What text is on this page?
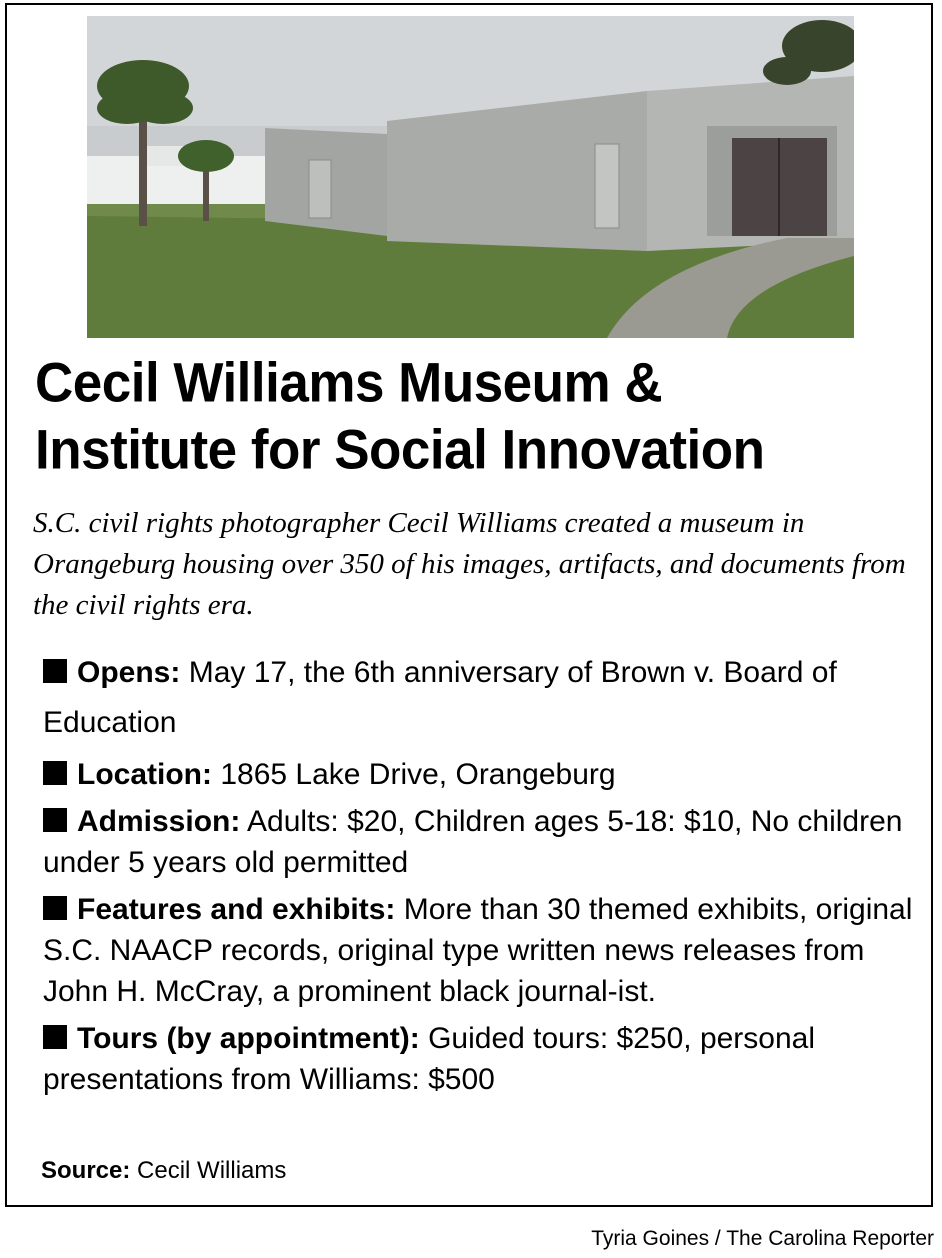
Cecil Williams Museum &
Institute for Social Innovation

S.C. civil rights photographer Cecil Williams created a museum in Orangeburg housing over 350 of his images, artifacts, and documents from the civil rights era.

Opens: May 17, the 6th anniversary of Brown v. Board of Education

Location: 1865 Lake Drive, Orangeburg

Admission: Adults: $20, Children ages 5-18: $10, No children under 5 years old permitted

Features and exhibits: More than 30 themed exhibits, original S.C. NAACP records, original type written news releases from John H. McCray, a prominent black journal-ist.

Tours (by appointment): Guided tours: $250, personal presentations from Williams: $500

Source: Cecil Williams
Tyria Goines / The Carolina Reporter
